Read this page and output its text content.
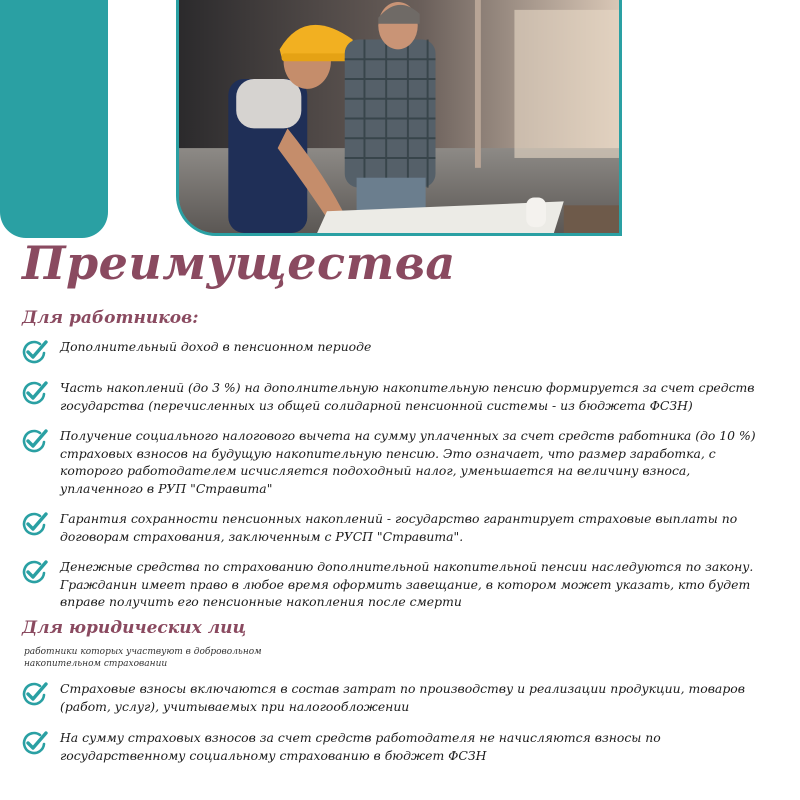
Преимущества
Для работников:
Дополнительный доход в пенсионном периоде
Часть накоплений (до 3 %) на дополнительную накопительную пенсию формируется за счет средств государства (перечисленных из общей солидарной пенсионной системы - из бюджета ФСЗН)
Получение социального налогового вычета на сумму уплаченных за счет средств работника (до 10 %) страховых взносов на будущую накопительную пенсию. Это означает, что размер заработка, с которого работодателем исчисляется подоходный налог, уменьшается на величину взноса, уплаченного в РУП "Стравита"
Гарантия сохранности пенсионных накоплений - государство гарантирует страховые выплаты по договорам страхования, заключенным с РУСП "Стравита".
Денежные средства по страхованию дополнительной накопительной пенсии наследуются по закону. Гражданин имеет право в любое время оформить завещание, в котором может указать, кто будет вправе получить его пенсионные накопления после смерти
Для юридических лиц

работники которых участвуют в добровольном накопительном страховании

Страховые взносы включаются в состав затрат по производству и реализации продукции, товаров (работ, услуг), учитываемых при налогообложении
На сумму страховых взносов за счет средств работодателя не начисляются взносы по государственному социальному страхованию в бюджет ФСЗН
